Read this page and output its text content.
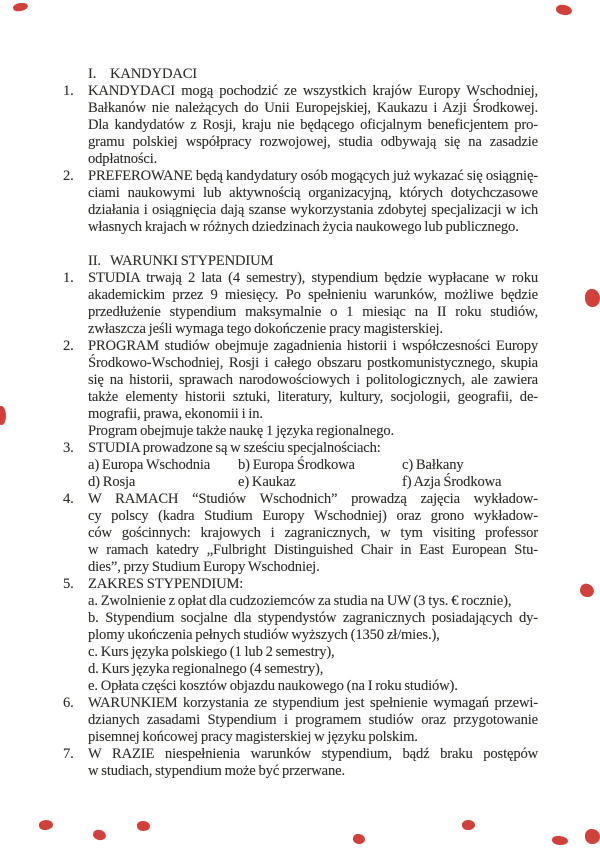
I. KANDYDACI
1. KANDYDACI mogą pochodzić ze wszystkich krajów Europy Wschodniej,
Bałkanów nie należących do Unii Europejskiej, Kaukazu i Azji Środkowej.
Dla kandydatów z Rosji, kraju nie będącego oficjalnym beneficjentem pro-
gramu polskiej współpracy rozwojowej, studia odbywają się na zasadzie
odpłatności.
2. PREFEROWANE będą kandydatury osób mogących już wykazać się osiągnię-
ciami naukowymi lub aktywnością organizacyjną, których dotychczasowe
działania i osiągnięcia dają szanse wykorzystania zdobytej specjalizacji w ich
własnych krajach w różnych dziedzinach życia naukowego lub publicznego.
II. WARUNKI STYPENDIUM
1. STUDIA trwają 2 lata (4 semestry), stypendium będzie wypłacane w roku
akademickim przez 9 miesięcy. Po spełnieniu warunków, możliwe będzie
przedłużenie stypendium maksymalnie o 1 miesiąc na II roku studiów,
zwłaszcza jeśli wymaga tego dokończenie pracy magisterskiej.
2. PROGRAM studiów obejmuje zagadnienia historii i współczesności Europy
Środkowo-Wschodniej, Rosji i całego obszaru postkomunistycznego, skupia
się na historii, sprawach narodowościowych i politologicznych, ale zawiera
także elementy historii sztuki, literatury, kultury, socjologii, geografii, de-
mografii, prawa, ekonomii i in.
Program obejmuje także naukę 1 języka regionalnego.
3. STUDIA prowadzone są w sześciu specjalnościach:
a) Europa Wschodnia	b) Europa Środkowa	c) Bałkany
d) Rosja	e) Kaukaz	f) Azja Środkowa
4. W RAMACH “Studiów Wschodnich” prowadzą zajęcia wykładow-
cy polscy (kadra Studium Europy Wschodniej) oraz grono wykładow-
ców gościnnych: krajowych i zagranicznych, w tym visiting professor
w ramach katedry „Fulbright Distinguished Chair in East European Stu-
dies”, przy Studium Europy Wschodniej.
5. ZAKRES STYPENDIUM:
a. Zwolnienie z opłat dla cudzoziemców za studia na UW (3 tys. € rocznie),
b. Stypendium socjalne dla stypendystów zagranicznych posiadających dy-
plomy ukończenia pełnych studiów wyższych (1350 zł/mies.),
c. Kurs języka polskiego (1 lub 2 semestry),
d. Kurs języka regionalnego (4 semestry),
e. Opłata części kosztów objazdu naukowego (na I roku studiów).
6. WARUNKIEM korzystania ze stypendium jest spełnienie wymagań przewi-
dzianych zasadami Stypendium i programem studiów oraz przygotowanie
pisemnej końcowej pracy magisterskiej w języku polskim.
7. W RAZIE niespełnienia warunków stypendium, bądź braku postępów
w studiach, stypendium może być przerwane.
